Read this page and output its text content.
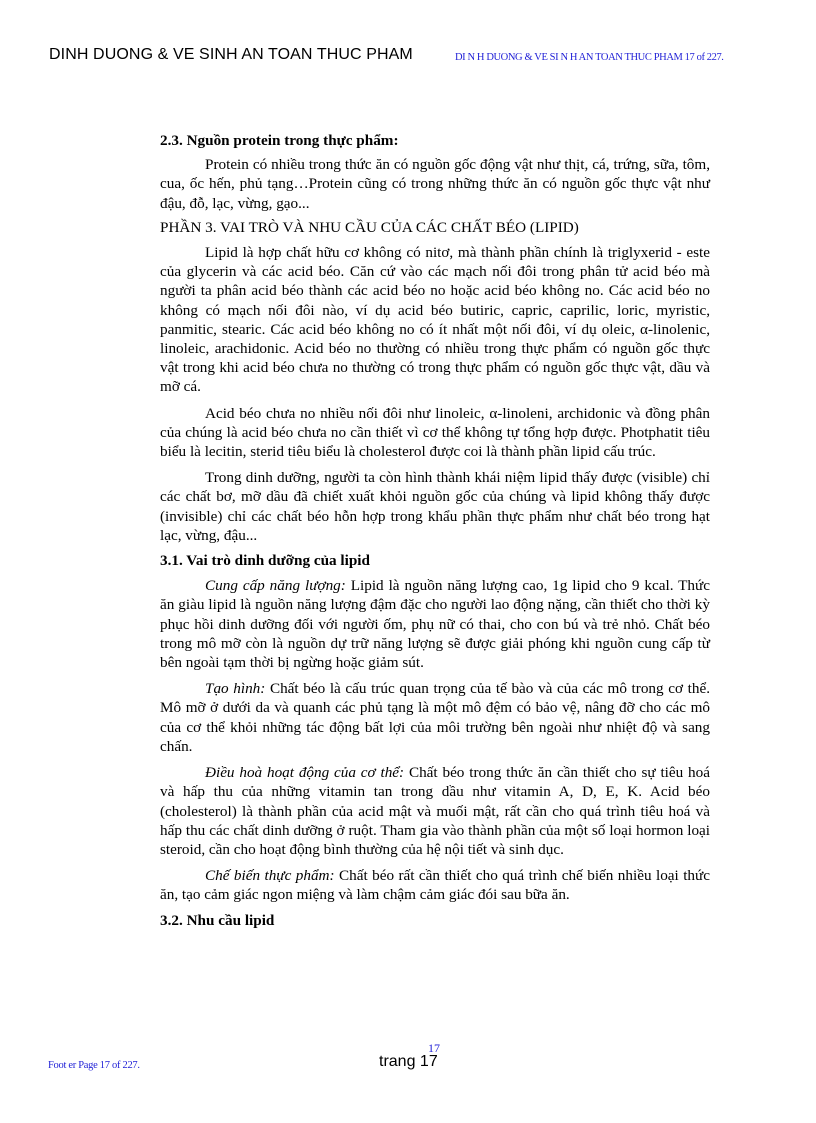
DINH DUONG & VE SINH AN TOAN THUC PHAM	DI N H DUONG & VE SI N H AN TOAN THUC PHAM 17 of 227.

2.3. Nguồn protein trong thực phẩm:

Protein có nhiều trong thức ăn có nguồn gốc động vật như thịt, cá, trứng, sữa, tôm, cua, ốc hến, phủ tạng…Protein cũng có trong những thức ăn có nguồn gốc thực vật như đậu, đỗ, lạc, vừng, gạo...

PHẦN 3. VAI TRÒ VÀ NHU CẦU CỦA CÁC CHẤT BÉO (LIPID)

Lipid là hợp chất hữu cơ không có nitơ, mà thành phần chính là triglyxerid - este của glycerin và các acid béo. Căn cứ vào các mạch nối đôi trong phân tử acid béo mà người ta phân acid béo thành các acid béo no hoặc acid béo không no. Các acid béo no không có mạch nối đôi nào, ví dụ acid béo butiric, capric, caprilic, loric, myristic, panmitic, stearic. Các acid béo không no có ít nhất một nối đôi, ví dụ oleic, α-linolenic, linoleic, arachidonic. Acid béo no thường có nhiều trong thực phẩm có nguồn gốc thực vật trong khi acid béo chưa no thường có trong thực phẩm có nguồn gốc thực vật, dầu và mỡ cá.

Acid béo chưa no nhiều nối đôi như linoleic, α-linoleni, archidonic và đồng phân của chúng là acid béo chưa no cần thiết vì cơ thể không tự tổng hợp được. Photphatit tiêu biểu là lecitin, sterid tiêu biểu là cholesterol được coi là thành phần lipid cấu trúc.

Trong dinh dưỡng, người ta còn hình thành khái niệm lipid thấy được (visible) chỉ các chất bơ, mỡ dầu đã chiết xuất khỏi nguồn gốc của chúng và lipid không thấy được (invisible) chỉ các chất béo hỗn hợp trong khẩu phần thực phẩm như chất béo trong hạt lạc, vừng, đậu...

3.1. Vai trò dinh dưỡng của lipid

Cung cấp năng lượng: Lipid là nguồn năng lượng cao, 1g lipid cho 9 kcal. Thức ăn giàu lipid là nguồn năng lượng đậm đặc cho người lao động nặng, cần thiết cho thời kỳ phục hồi dinh dưỡng đối với người ốm, phụ nữ có thai, cho con bú và trẻ nhỏ. Chất béo trong mô mỡ còn là nguồn dự trữ năng lượng sẽ được giải phóng khi nguồn cung cấp từ bên ngoài tạm thời bị ngừng hoặc giảm sút.

Tạo hình: Chất béo là cấu trúc quan trọng của tế bào và của các mô trong cơ thể. Mô mỡ ở dưới da và quanh các phủ tạng là một mô đệm có bảo vệ, nâng đỡ cho các mô của cơ thể khỏi những tác động bất lợi của môi trường bên ngoài như nhiệt độ và sang chấn.

Điều hoà hoạt động của cơ thể: Chất béo trong thức ăn cần thiết cho sự tiêu hoá và hấp thu của những vitamin tan trong dầu như vitamin A, D, E, K. Acid béo (cholesterol) là thành phần của acid mật và muối mật, rất cần cho quá trình tiêu hoá và hấp thu các chất dinh dưỡng ở ruột. Tham gia vào thành phần của một số loại hormon loại steroid, cần cho hoạt động bình thường của hệ nội tiết và sinh dục.

Chế biến thực phẩm: Chất béo rất cần thiết cho quá trình chế biến nhiều loại thức ăn, tạo cảm giác ngon miệng và làm chậm cảm giác đói sau bữa ăn.

3.2. Nhu cầu lipid

Foot er Page 17 of 227.
17
trang 17
